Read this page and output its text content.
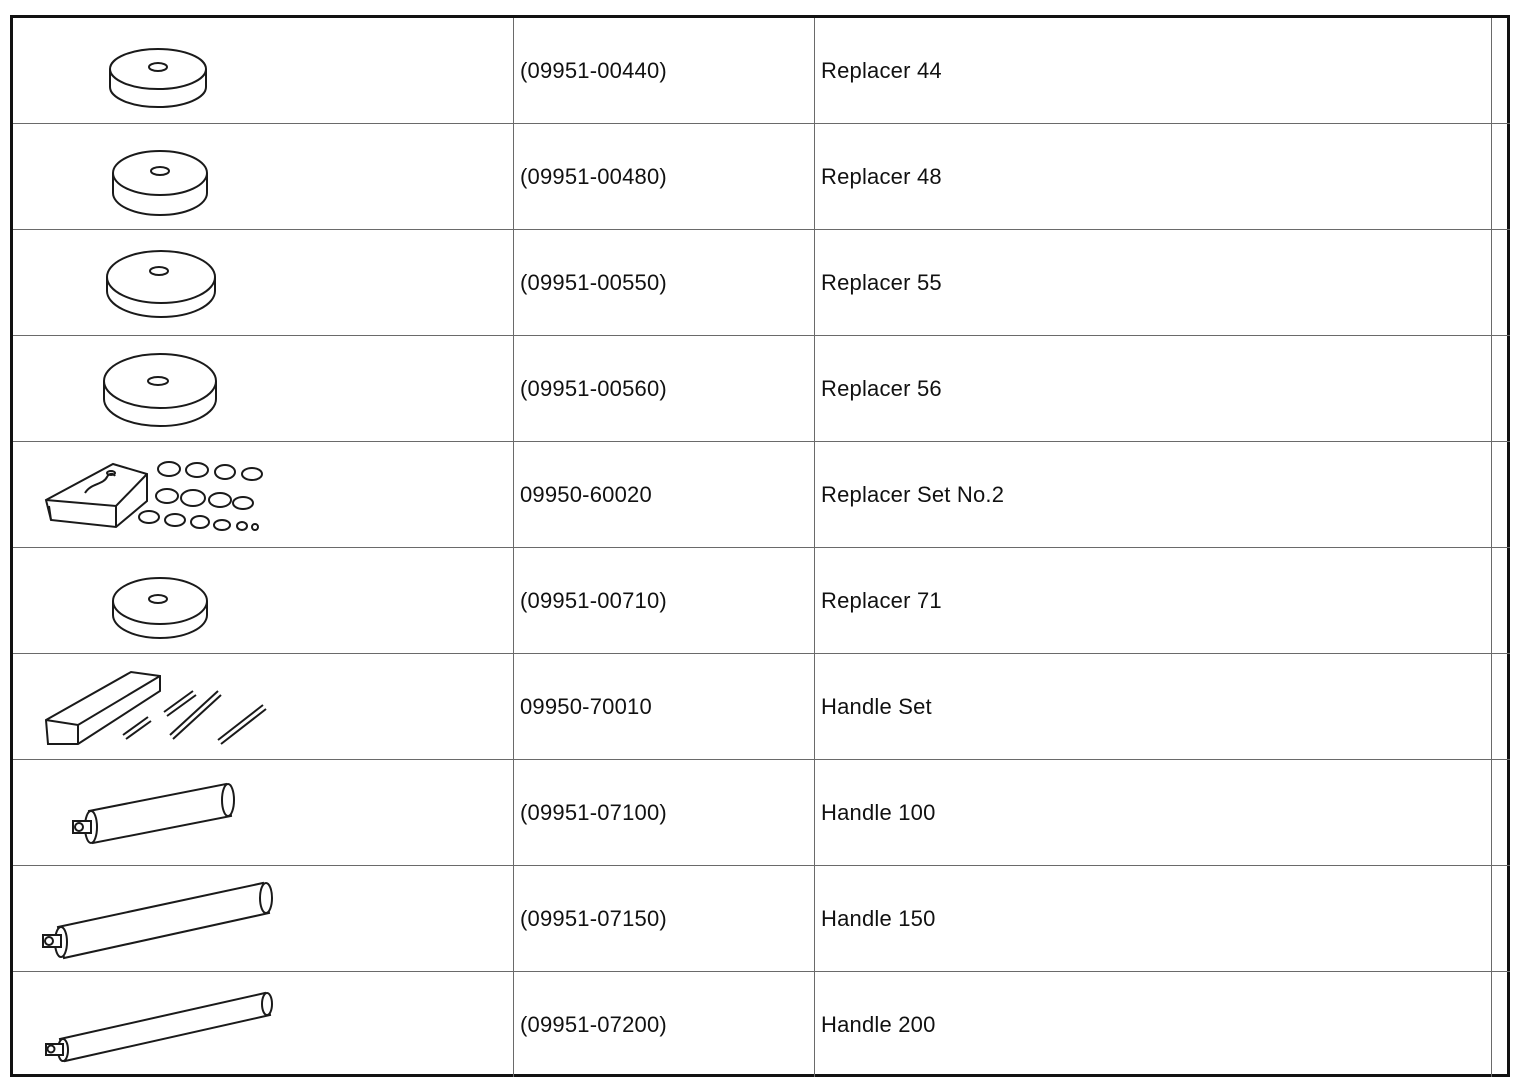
	(09951-00440)	Replacer 44	

	(09951-00480)	Replacer 48	

	(09951-00550)	Replacer 55	

	(09951-00560)	Replacer 56	

	09950-60020	Replacer Set No.2	

	(09951-00710)	Replacer 71	

	09950-70010	Handle Set	

	(09951-07100)	Handle 100	

	(09951-07150)	Handle 150	

	(09951-07200)	Handle 200	
